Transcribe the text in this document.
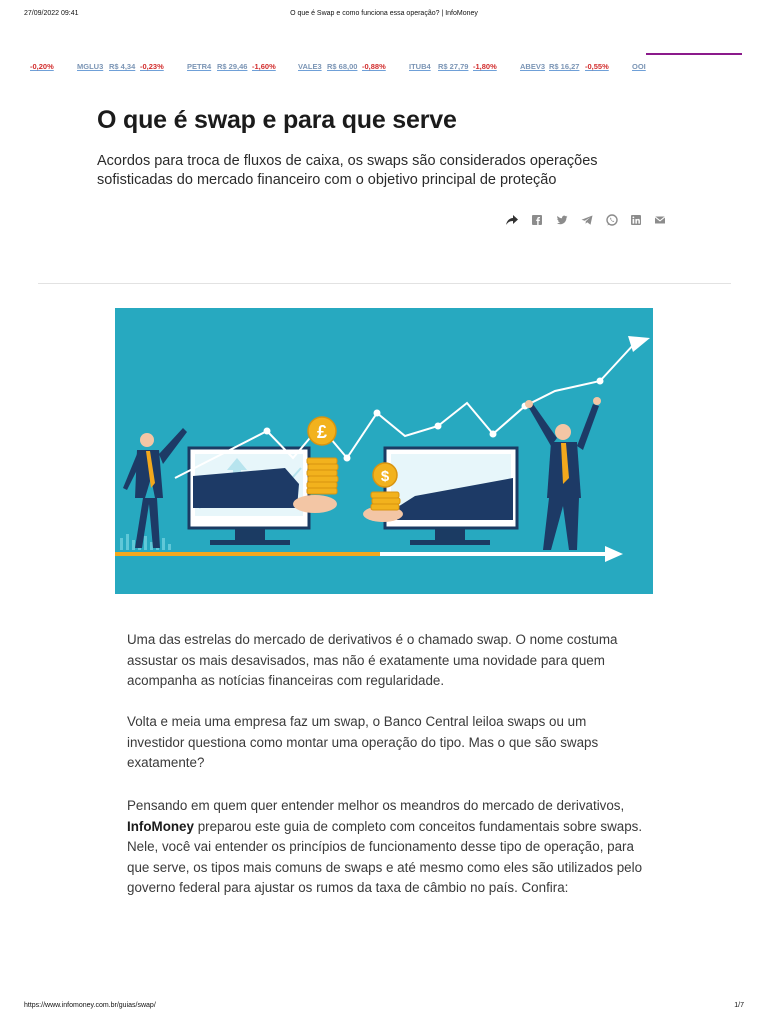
27/09/2022 09:41	O que é Swap e como funciona essa operação? | InfoMoney
-0,20%	MGLU3 R$ 4,34 -0,23%	PETR4 R$ 29,46 -1,60%	VALE3 R$ 68,00 -0,88%	ITUB4 R$ 27,79 -1,80%	ABEV3 R$ 16,27 -0,55%	OOI
O que é swap e para que serve

Acordos para troca de fluxos de caixa, os swaps são considerados operações sofisticadas do mercado financeiro com o objetivo principal de proteção

£
$

Uma das estrelas do mercado de derivativos é o chamado swap. O nome costuma assustar os mais desavisados, mas não é exatamente uma novidade para quem acompanha as notícias financeiras com regularidade.

Volta e meia uma empresa faz um swap, o Banco Central leiloa swaps ou um investidor questiona como montar uma operação do tipo. Mas o que são swaps exatamente?

Pensando em quem quer entender melhor os meandros do mercado de derivativos,
InfoMoney preparou este guia de completo com conceitos fundamentais sobre swaps. Nele, você vai entender os princípios de funcionamento desse tipo de operação, para que serve, os tipos mais comuns de swaps e até mesmo como eles são utilizados pelo governo federal para ajustar os rumos da taxa de câmbio no país. Confira:

https://www.infomoney.com.br/guias/swap/	1/7
